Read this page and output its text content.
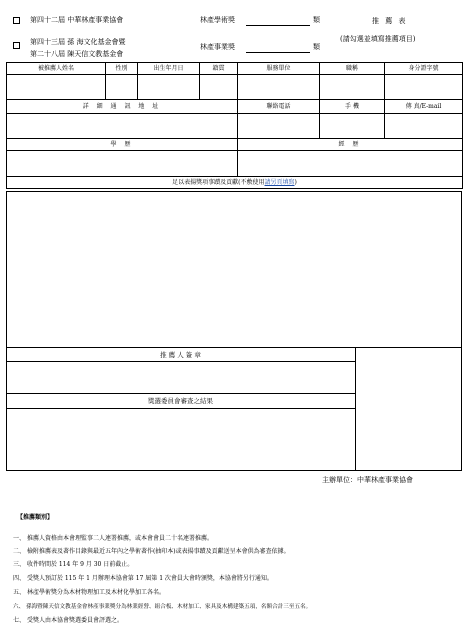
第四十二屆 中華林產事業協會	林產學術獎	類	推 薦 表
第四十三屆 孫 海文化基金會暨
第二十八屆 陳天信文教基金會
林產事業獎	類
(請勾選並填寫推薦項目)
被推薦人姓名	性別	出生年月日	籍貫	服務單位	職稱	身分證字號

詳 細 通 訊 地 址				聯絡電話	手 機	傳 真/E-mail

學 歷				經 歷		

足以表揚獎項事蹟及貢獻(不敷使用請另頁填寫)						
推 薦 人 簽 章
獎選委員會審查之結果
主辦單位：中華林產事業協會
【推薦類別】
一、 推薦人資格由本會理監事二人連署推薦，或本會會員二十名連署推薦。
二、 檢附推薦表及著作目錄與最近五年內之學術著作(抽印本)或表揚事蹟及貢獻送呈本會供為審查依據。
三、 收件時間於 114 年 9 月 30 日前截止。
四、 受獎人預訂於 115 年 1 月辦理本協會第 17 屆第 1 次會員大會時頒獎，本協會將另行通知。
五、 林產學術獎分為木材物理加工及木材化學加工各名。
六、 孫海暨陳天信文教基金會林產事業獎分為林業經營、組合板、木材加工、家具及木構建築五項，名額合計三至五名。
七、 受獎人由本協會獎選委員會評選之。
